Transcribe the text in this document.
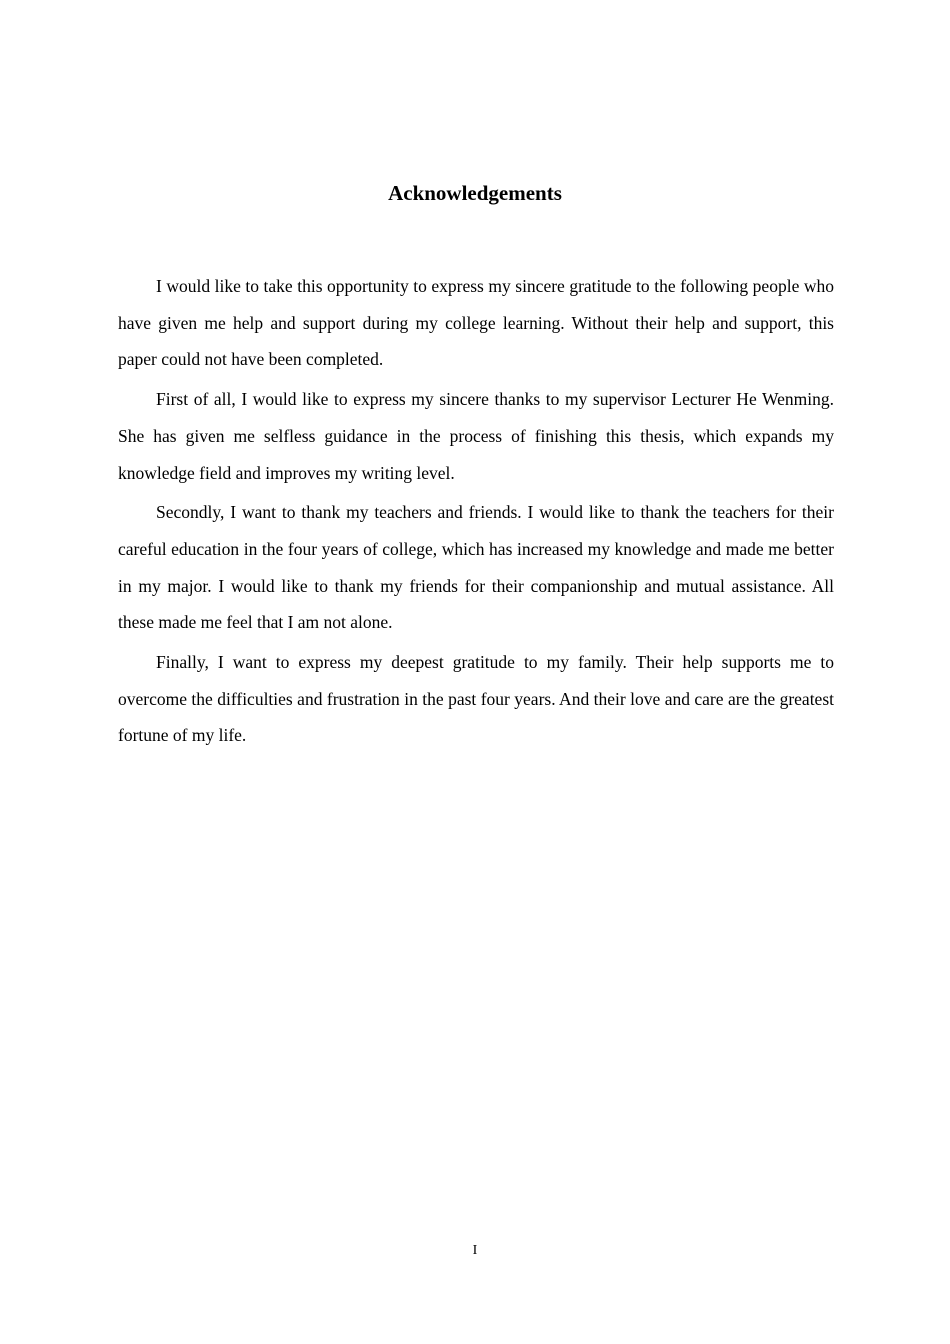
Acknowledgements

I would like to take this opportunity to express my sincere gratitude to the following people who have given me help and support during my college learning. Without their help and support, this paper could not have been completed.

First of all, I would like to express my sincere thanks to my supervisor Lecturer He Wenming. She has given me selfless guidance in the process of finishing this thesis, which expands my knowledge field and improves my writing level.

Secondly, I want to thank my teachers and friends. I would like to thank the teachers for their careful education in the four years of college, which has increased my knowledge and made me better in my major. I would like to thank my friends for their companionship and mutual assistance. All these made me feel that I am not alone.

Finally, I want to express my deepest gratitude to my family. Their help supports me to overcome the difficulties and frustration in the past four years. And their love and care are the greatest fortune of my life.

I
